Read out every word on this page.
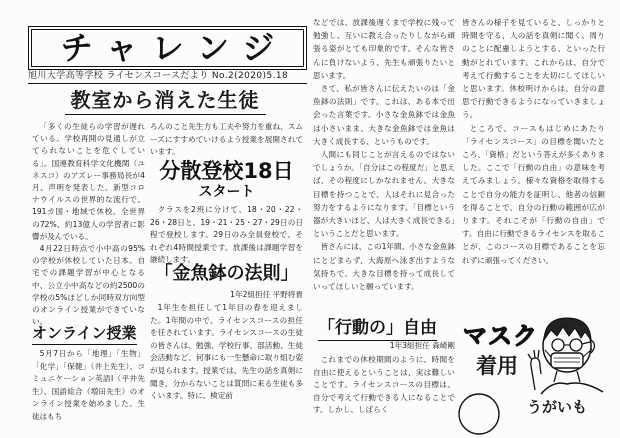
チャレンジ
旭川大学高等学校 ライセンスコースだより No.2(2020)5.18
教室から消えた生徒

「多くの生徒らの学習が遅れている。学校再開の見通しが立てられないことを危ぐしている」。国連教育科学文化機関（ユネスコ）のアズレー事務局長が4月、声明を発表した。新型コロナウイルスの世界的な流行で、191カ国・地域で休校。全世界の72%、約13億人の学習者に影響が及んでいる。

4月22日時点で小中高の95%の学校が休校していた日本。自宅での課題学習が中心となる中、公立小中高などの約2500の学校の5%ほどしか同時双方向型のオンライン授業ができていない。

オンライン授業

5月7日から「地理」「生物」「化学」「保健」（井上先生）、コミュニケーション英語Ⅰ（平井先生）、国語総合（増田先生）のオンライン授業を始めました。生徒はもち

ろんのこと先生方も工夫や努力を重ね、スムーズにすすめていけるよう授業を展開されています。

分散登校18日
スタート

クラスを2班に分けて、18・20・22・26・28日と、19・21・25・27・29日の日程で登校します。29日のみ全員登校で、それぞれ4時間授業です。放課後は課題学習を継続します。

「金魚鉢の法則」
1年2組担任 平野将貴

1年生を担任して1年目の春を迎えました。1年間の中で、ライセンスコースの担任を任されています。ライセンスコースの生徒の皆さんは、勉強、学校行事、部活動、生徒会活動など、何事にも一生懸命に取り組む姿が見られます。授業では、先生の話を真剣に聞き、分からないことは質問に来る生徒も多くいます。特に、検定前

などでは、放課後遅くまで学校に残って勉強し、互いに教え合ったりしながら頑張る姿がとても印象的です。そんな皆さんに負けないよう、先生も頑張りたいと思います。

さて、私が皆さんに伝えたいのは「金魚鉢の法則」です。これは、ある本で出会った言葉です。小さな金魚鉢では金魚は小さいまま、大きな金魚鉢では金魚は大きく成長する、というものです。

人間にも同じことが言えるのではないでしょうか。「自分はこの程度だ」と思えば、その程度にしかなれません。大きな目標を持つことで、人はそれに見合った努力をするようになります。「目標という器が大きいほど、人は大きく成長できる」ということだと思います。

皆さんには、この1年間、小さな金魚鉢にとどまらず、大海原へ泳ぎ出すような気持ちで、大きな目標を持って成長していってほしいと願っています。

「行動の」自由
1年3組担任 森崎剛

これまでの休校期間のように、時間を自由に使えるということは、実は難しいことです。ライセンスコースの目標は、自分で考えて行動できる人になることです。しかし、しばらく

皆さんの様子を見ていると、しっかりと時間を守る、人の話を真剣に聞く、周りのことに配慮しようとする、といった行動がとれています。これからは、自分で考えて行動することを大切にしてほしいと思います。休校明けからは、自分の意思で行動できるようになっていきましょう。

ところで、コースもはじめにあたり「ライセンスコース」の目標を聞いたところ、「資格」だという答えが多くありました。ここで「行動の自由」の意味を考えてみましょう。様々な資格を取得することで自分の能力を証明し、他者の信頼を得ることで、自分の行動の範囲が広がります。それこそが「行動の自由」です。自由に行動できるライセンスを取ることが、このコースの目標であることを忘れずに頑張ってください。

マスク
着用
うがいも
